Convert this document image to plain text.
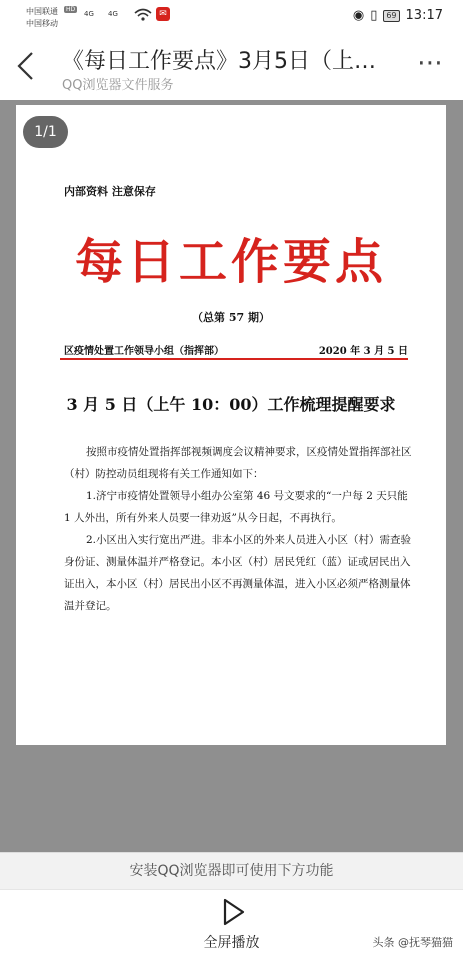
中国联通	HD
中国移动
4G 4G	✉	◉ ▯	69 13:17
《每日工作要点》3月5日（上…
QQ浏览器文件服务
⋯
内部资料 注意保存
每日工作要点
（总第 57 期）
区疫情处置工作领导小组（指挥部）	2020 年 3 月 5 日
3 月 5 日（上午 10：00）工作梳理提醒要求

按照市疫情处置指挥部视频调度会议精神要求，区疫情处置指挥部社区（村）防控动员组现将有关工作通知如下：

1.济宁市疫情处置领导小组办公室第 46 号文要求的“一户每 2 天只能 1 人外出，所有外来人员要一律劝返”从今日起，不再执行。

2.小区出入实行宽出严进。非本小区的外来人员进入小区（村）需查验身份证、测量体温并严格登记。本小区（村）居民凭红（蓝）证或居民出入证出入，本小区（村）居民出小区不再测量体温，进入小区必须严格测量体温并登记。

1/1
安装QQ浏览器即可使用下方功能
全屏播放	头条 @抚琴猫猫
